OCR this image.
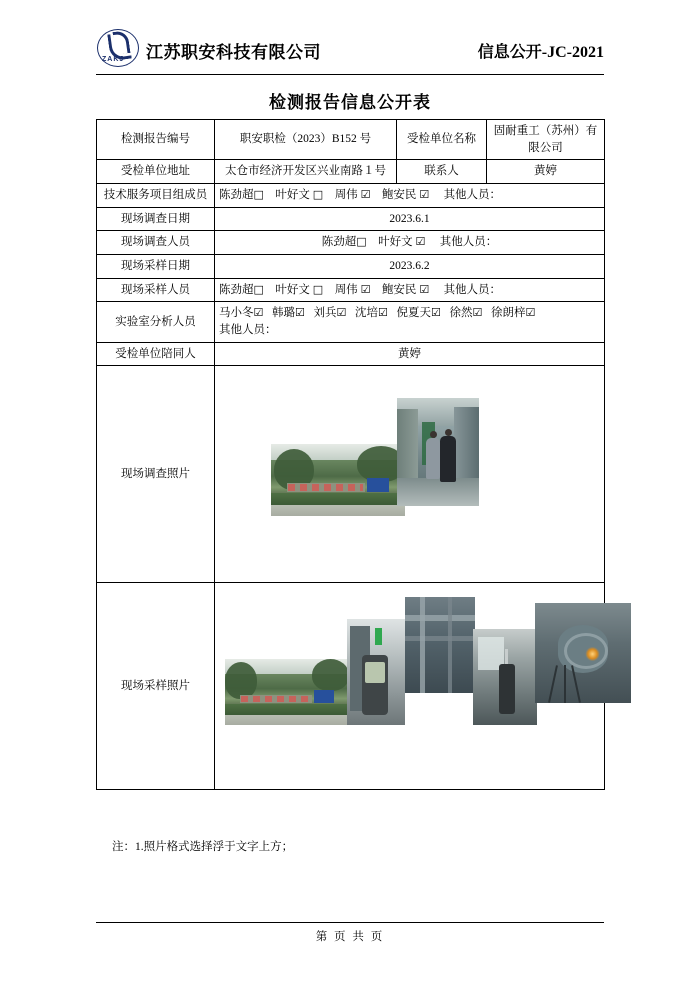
ZAKJ 江苏职安科技有限公司	信息公开-JC-2021
检测报告信息公开表
检测报告编号	职安职检（2023）B152 号	受检单位名称	固耐重工（苏州）有限公司
受检单位地址	太仓市经济开发区兴业南路１号	联系人	黄婷
技术服务项目组成员	陈劲超□ 叶好文 □ 周伟 ☑ 鲍安民 ☑ 其他人员：		
现场调查日期	2023.6.1		
现场调查人员	陈劲超□ 叶好文 ☑ 其他人员：		
现场采样日期	2023.6.2		
现场采样人员	陈劲超□ 叶好文 □ 周伟 ☑ 鲍安民 ☑ 其他人员：		
实验室分析人员	马小冬☑ 韩璐☑ 刘兵☑ 沈培☑ 倪夏天☑ 徐然☑ 徐朗梓☑
其他人员：		

受检单位陪同人	黄婷		
现场调查照片			

现场采样照片			
注：1.照片格式选择浮于文字上方；
第 页 共 页
